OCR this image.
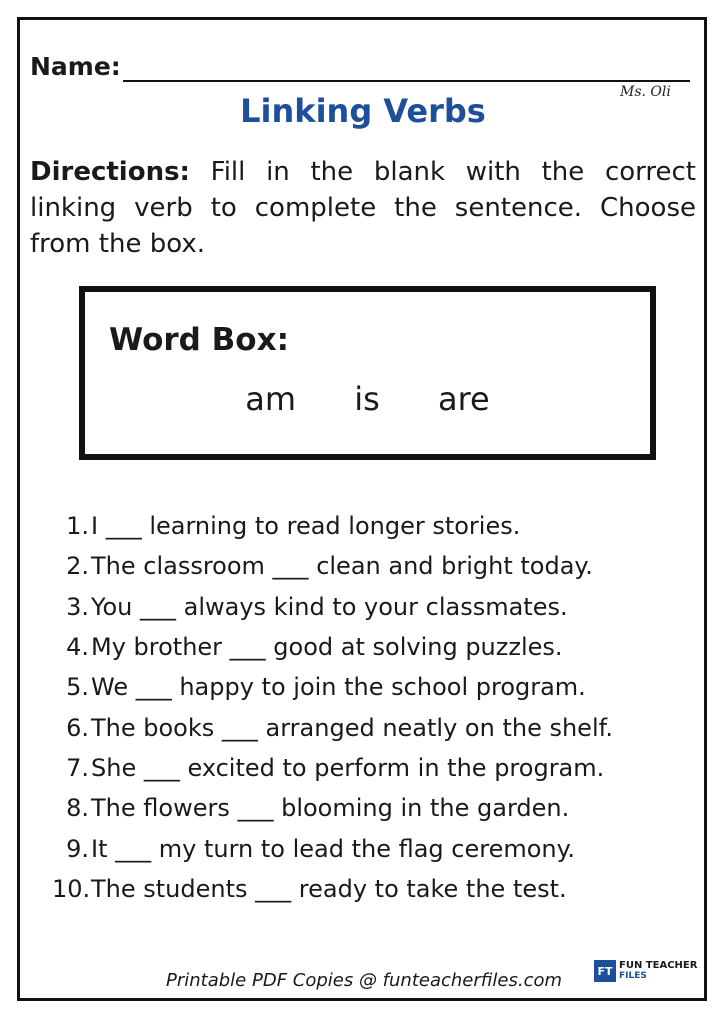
Name:
Ms. Oli
Linking Verbs
Directions: Fill in the blank with the correct linking verb to complete the sentence. Choose from the box.
Word Box:
am is are
1. I ___ learning to read longer stories.
2. The classroom ___ clean and bright today.
3. You ___ always kind to your classmates.
4. My brother ___ good at solving puzzles.
5. We ___ happy to join the school program.
6. The books ___ arranged neatly on the shelf.
7. She ___ excited to perform in the program.
8. The flowers ___ blooming in the garden.
9. It ___ my turn to lead the flag ceremony.
10. The students ___ ready to take the test.
Printable PDF Copies @ funteacherfiles.com	FT FUN TEACHER
FILES
